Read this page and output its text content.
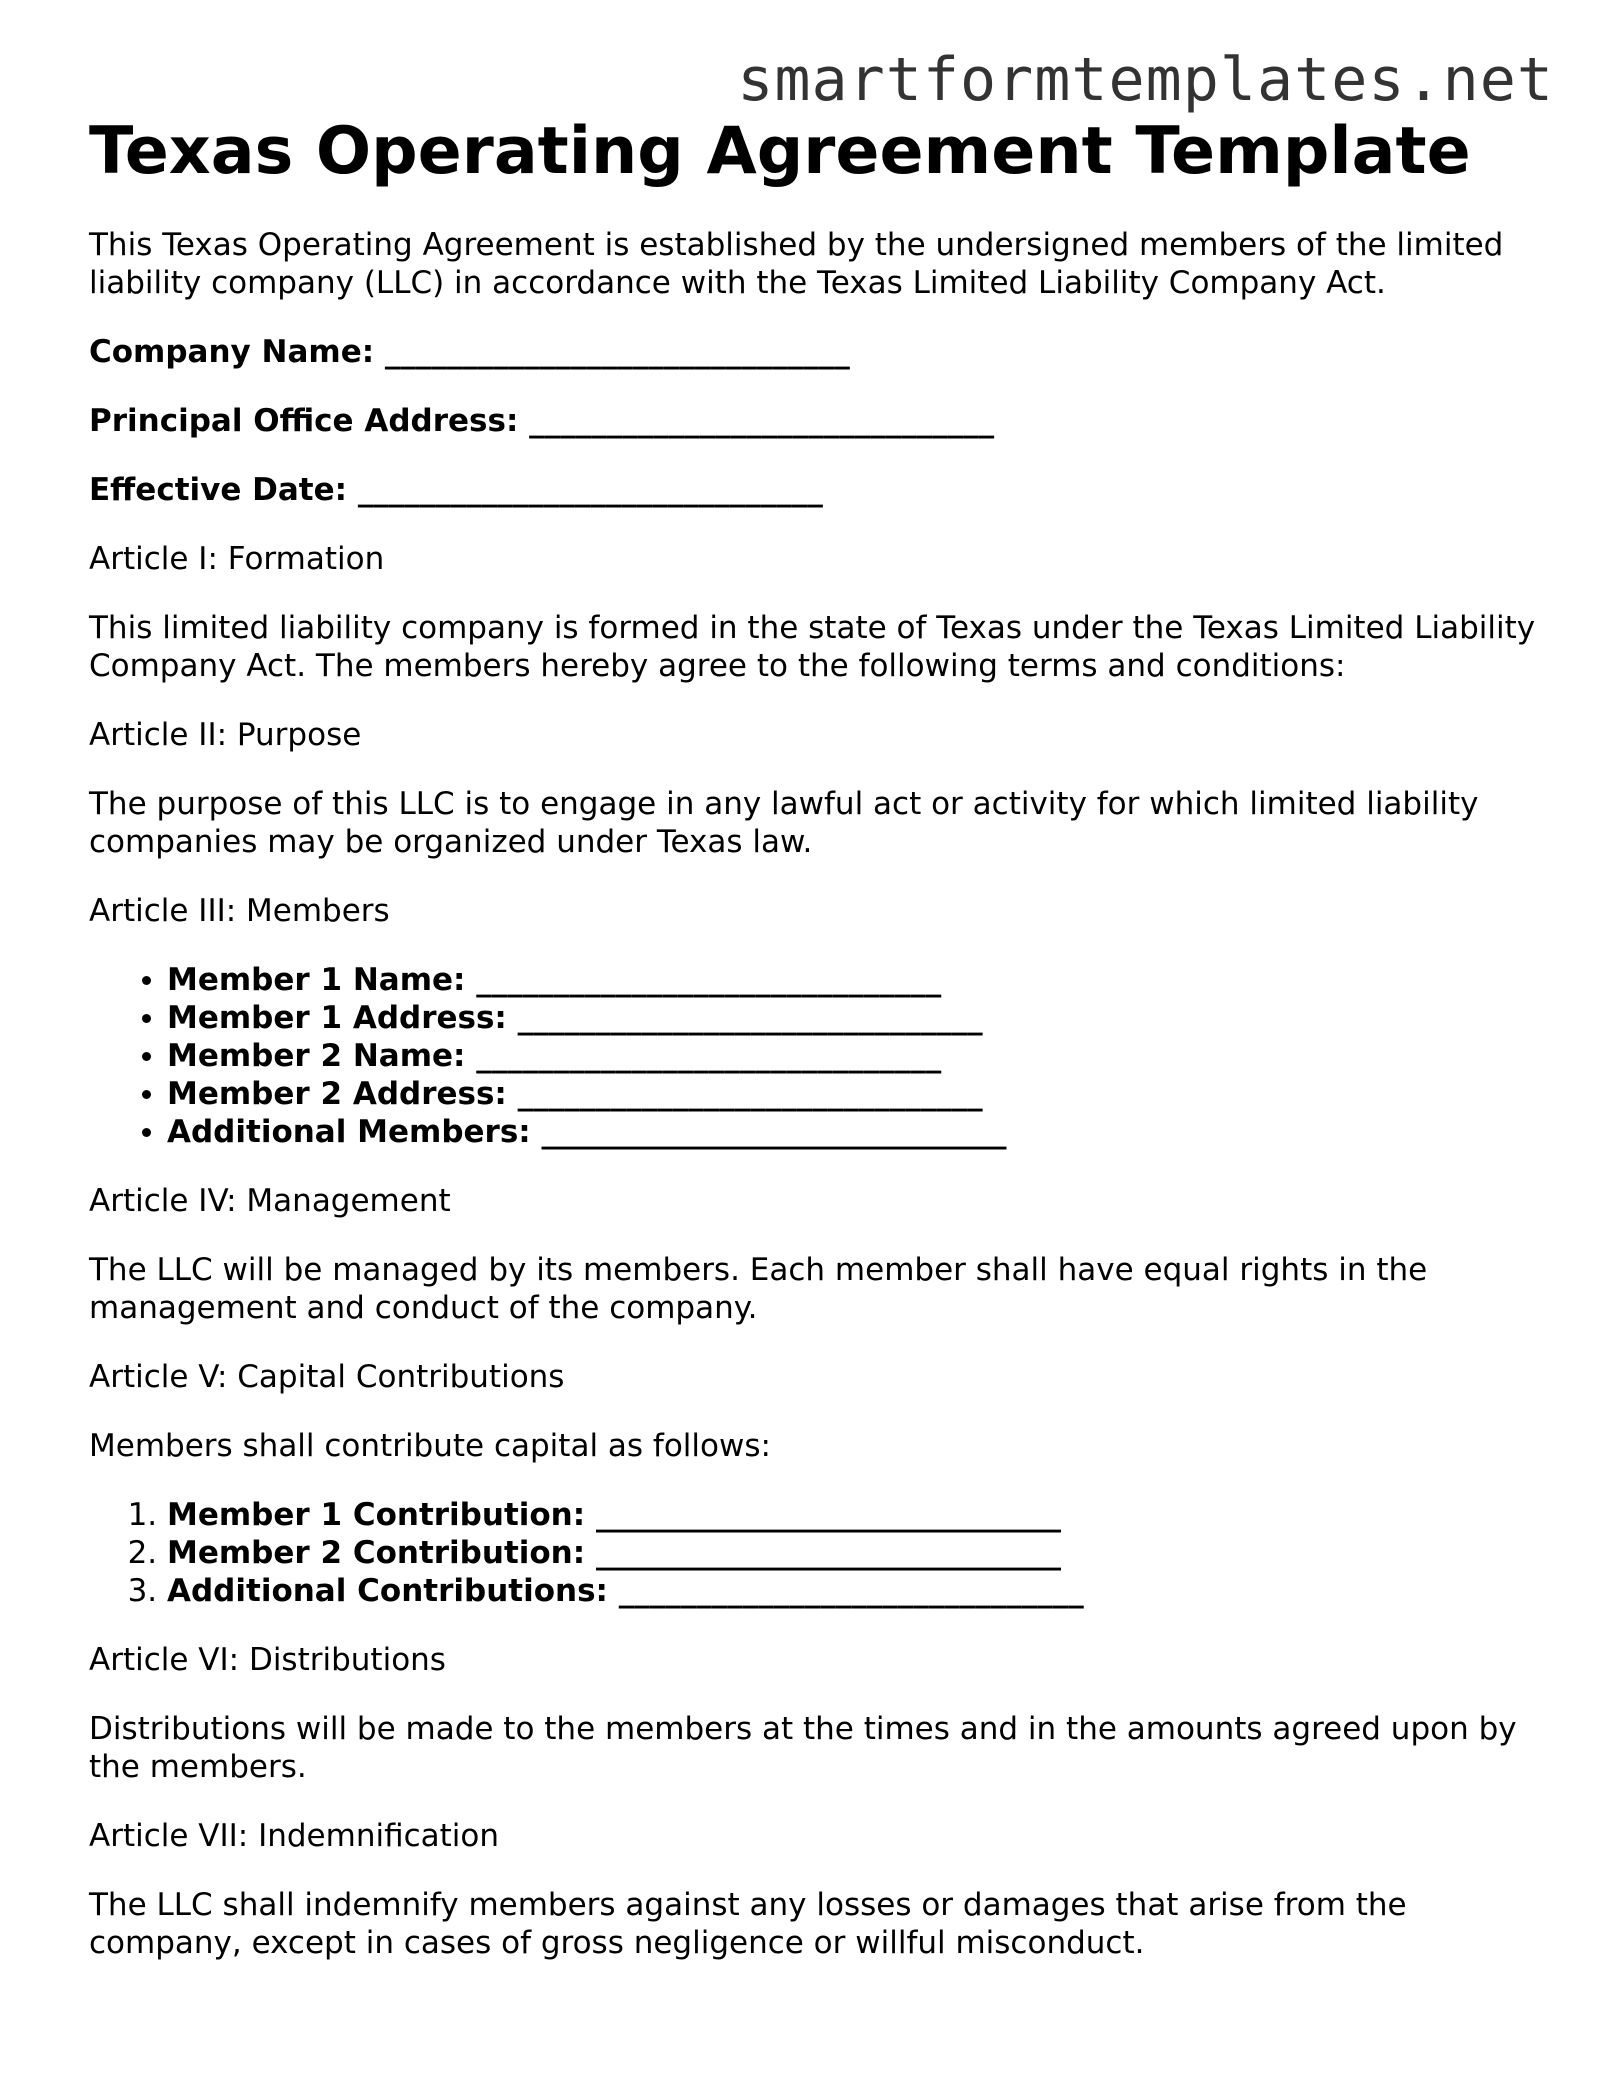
smartformtemplates.net
Texas Operating Agreement Template

This Texas Operating Agreement is established by the undersigned members of the limited liability company (LLC) in accordance with the Texas Limited Liability Company Act.

Company Name: ______________________________

Principal Office Address: ______________________________

Effective Date: ______________________________

Article I: Formation

This limited liability company is formed in the state of Texas under the Texas Limited Liability Company Act. The members hereby agree to the following terms and conditions:

Article II: Purpose

The purpose of this LLC is to engage in any lawful act or activity for which limited liability companies may be organized under Texas law.

Article III: Members

• Member 1 Name: ______________________________
• Member 1 Address: ______________________________
• Member 2 Name: ______________________________
• Member 2 Address: ______________________________
• Additional Members: ______________________________

Article IV: Management

The LLC will be managed by its members. Each member shall have equal rights in the management and conduct of the company.

Article V: Capital Contributions

Members shall contribute capital as follows:

1. Member 1 Contribution: ______________________________
2. Member 2 Contribution: ______________________________
3. Additional Contributions: ______________________________

Article VI: Distributions

Distributions will be made to the members at the times and in the amounts agreed upon by the members.

Article VII: Indemnification

The LLC shall indemnify members against any losses or damages that arise from the company, except in cases of gross negligence or willful misconduct.
